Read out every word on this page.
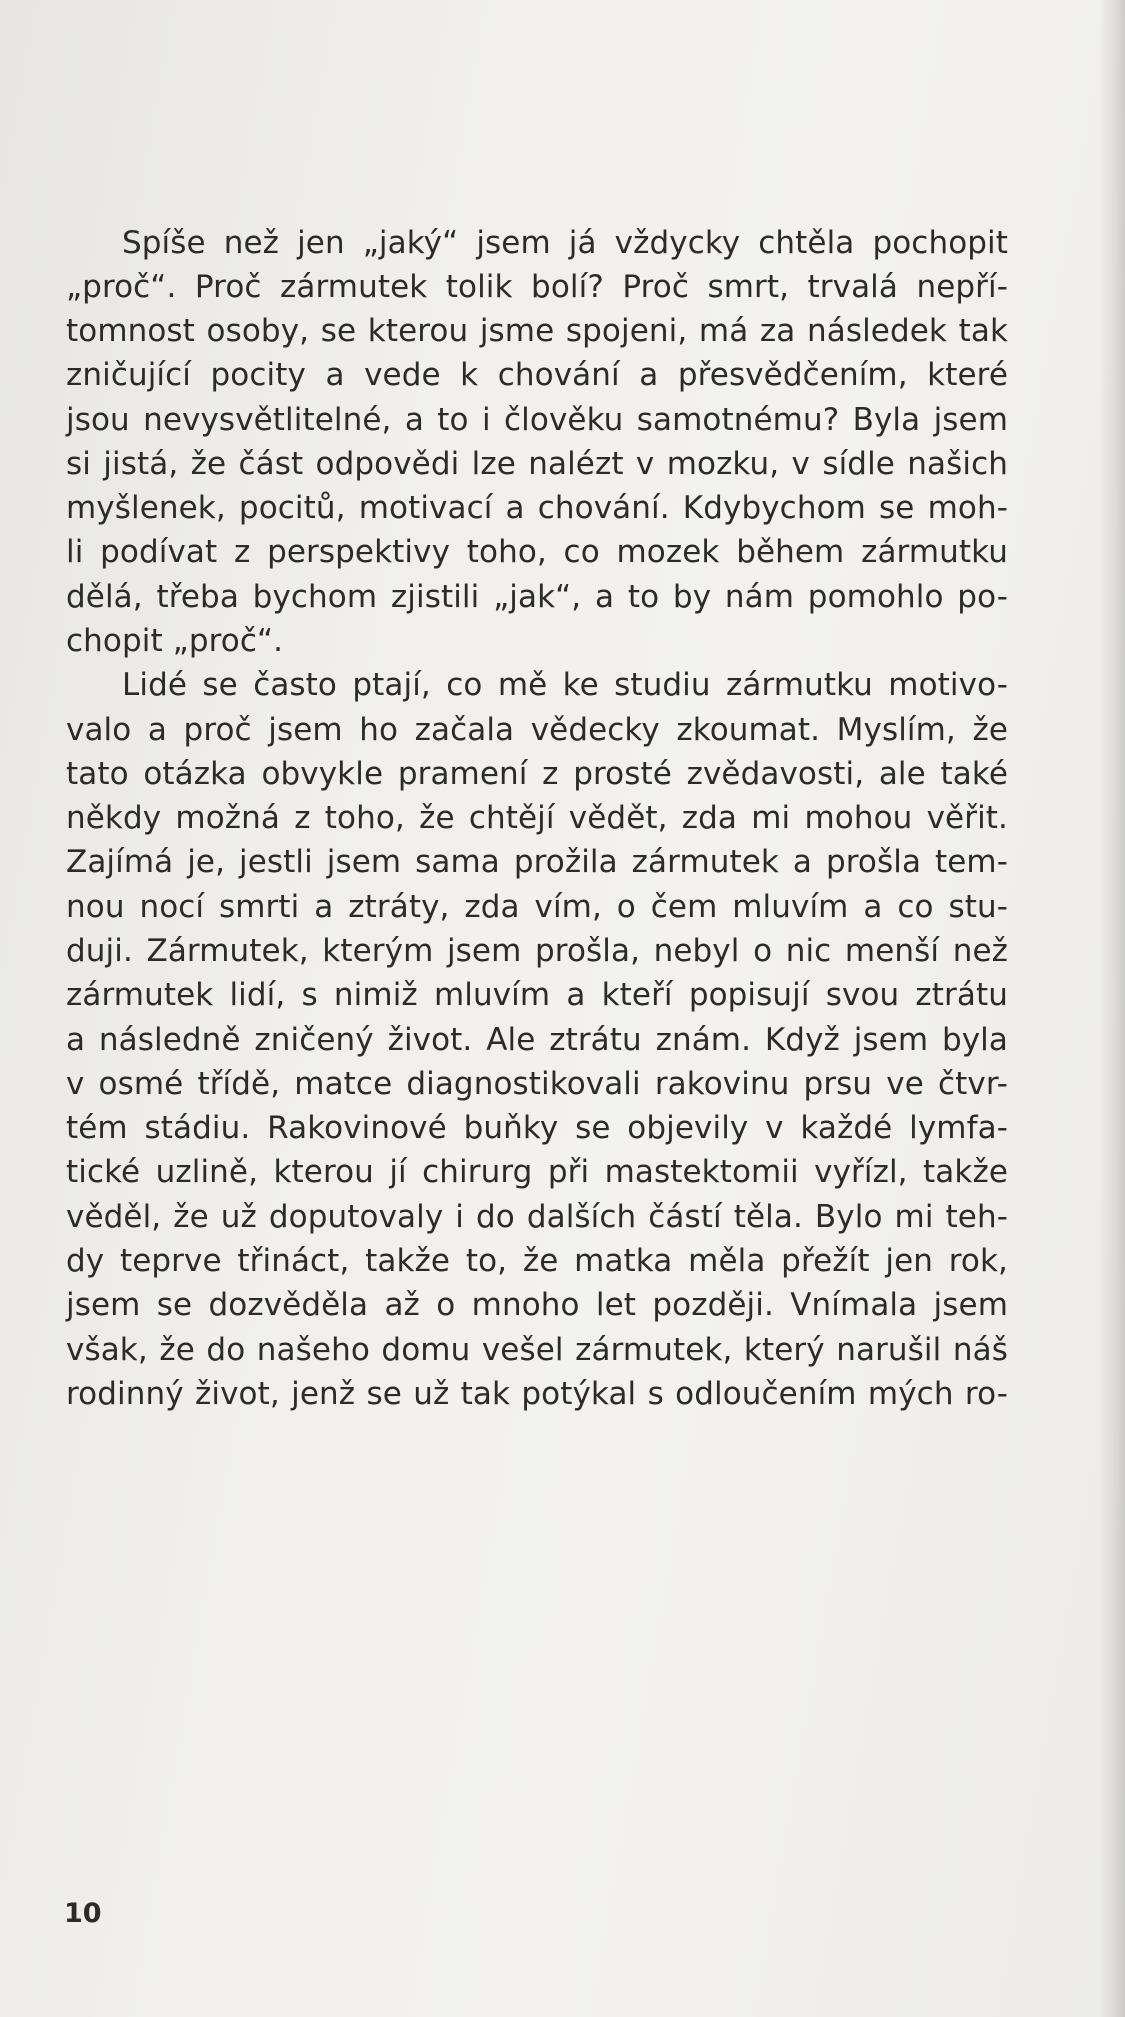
Spíše než jen „jaký“ jsem já vždycky chtěla pochopit

„proč“. Proč zármutek tolik bolí? Proč smrt, trvalá nepří-

tomnost osoby, se kterou jsme spojeni, má za následek tak

zničující pocity a vede k chování a přesvědčením, které

jsou nevysvětlitelné, a to i člověku samotnému? Byla jsem

si jistá, že část odpovědi lze nalézt v mozku, v sídle našich

myšlenek, pocitů, motivací a chování. Kdybychom se moh-

li podívat z perspektivy toho, co mozek během zármutku

dělá, třeba bychom zjistili „jak“, a to by nám pomohlo po-

chopit „proč“.

Lidé se často ptají, co mě ke studiu zármutku motivo-

valo a proč jsem ho začala vědecky zkoumat. Myslím, že

tato otázka obvykle pramení z prosté zvědavosti, ale také

někdy možná z toho, že chtějí vědět, zda mi mohou věřit.

Zajímá je, jestli jsem sama prožila zármutek a prošla tem-

nou nocí smrti a ztráty, zda vím, o čem mluvím a co stu-

duji. Zármutek, kterým jsem prošla, nebyl o nic menší než

zármutek lidí, s nimiž mluvím a kteří popisují svou ztrátu

a následně zničený život. Ale ztrátu znám. Když jsem byla

v osmé třídě, matce diagnostikovali rakovinu prsu ve čtvr-

tém stádiu. Rakovinové buňky se objevily v každé lymfa-

tické uzlině, kterou jí chirurg při mastektomii vyřízl, takže

věděl, že už doputovaly i do dalších částí těla. Bylo mi teh-

dy teprve třináct, takže to, že matka měla přežít jen rok,

jsem se dozvěděla až o mnoho let později. Vnímala jsem

však, že do našeho domu vešel zármutek, který narušil náš

rodinný život, jenž se už tak potýkal s odloučením mých ro-

10
